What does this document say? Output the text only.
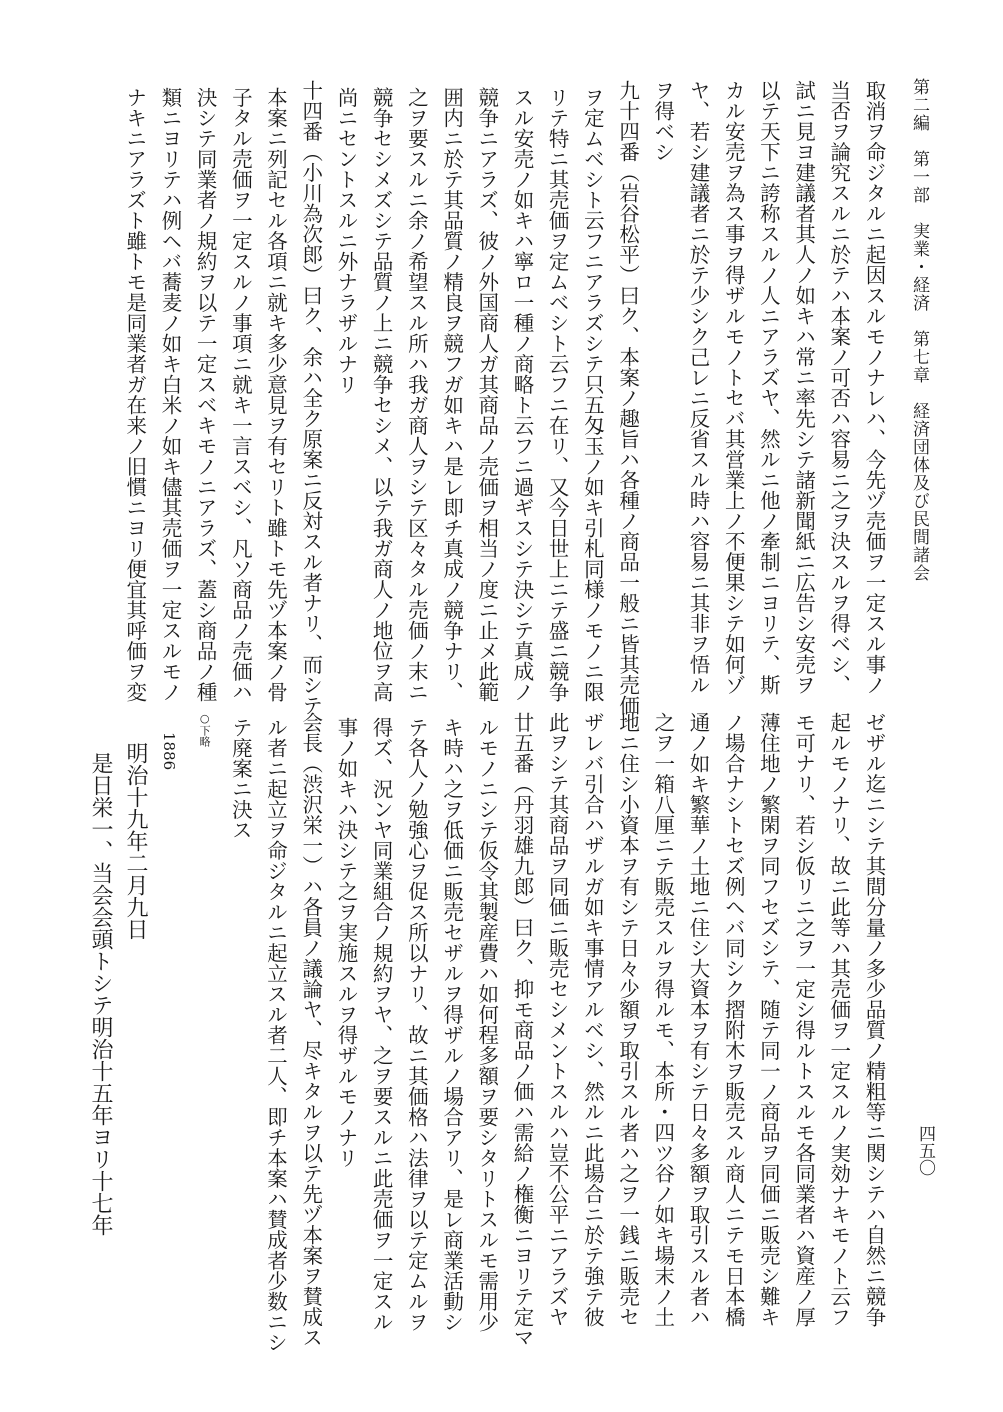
第二編　第一部　実業・経済　第七章　経済団体及び民間諸会
取消ヲ命ジタルニ起因スルモノナレハ、今先ヅ売価ヲ一定スル事ノ
当否ヲ論究スルニ於テハ本案ノ可否ハ容易ニ之ヲ決スルヲ得ベシ、
試ニ見ヨ建議者其人ノ如キハ常ニ率先シテ諸新聞紙ニ広告シ安売ヲ
以テ天下ニ誇称スルノ人ニアラズヤ、然ルニ他ノ牽制ニヨリテ、斯
カル安売ヲ為ス事ヲ得ザルモノトセバ其営業上ノ不便果シテ如何ゾ
ヤ、若シ建議者ニ於テ少シク己レニ反省スル時ハ容易ニ其非ヲ悟ル
ヲ得ベシ
九十四番（岩谷松平）曰ク、本案ノ趣旨ハ各種ノ商品一般ニ皆其売価
ヲ定ムベシト云フニアラズシテ只五匁玉ノ如キ引札同様ノモノニ限
リテ特ニ其売価ヲ定ムベシト云フニ在リ、又今日世上ニテ盛ニ競争
スル安売ノ如キハ寧ロ一種ノ商略ト云フニ過ギスシテ決シテ真成ノ
競争ニアラズ、彼ノ外国商人ガ其商品ノ売価ヲ相当ノ度ニ止メ此範
囲内ニ於テ其品質ノ精良ヲ競フガ如キハ是レ即チ真成ノ競争ナリ、
之ヲ要スルニ余ノ希望スル所ハ我ガ商人ヲシテ区々タル売価ノ末ニ
競争セシメズシテ品質ノ上ニ競争セシメ、以テ我ガ商人ノ地位ヲ高
尚ニセントスルニ外ナラザルナリ
十四番（小川為次郎）曰ク、余ハ全ク原案ニ反対スル者ナリ、而シテ
本案ニ列記セル各項ニ就キ多少意見ヲ有セリト雖トモ先ヅ本案ノ骨
子タル売価ヲ一定スルノ事項ニ就キ一言スベシ、凡ソ商品ノ売価ハ
決シテ同業者ノ規約ヲ以テ一定スベキモノニアラズ、蓋シ商品ノ種
類ニヨリテハ例ヘバ蕎麦ノ如キ白米ノ如キ儘其売価ヲ一定スルモノ
ナキニアラズト雖トモ是同業者ガ在来ノ旧慣ニヨリ便宜其呼価ヲ変
四五〇
ゼザル迄ニシテ其間分量ノ多少品質ノ精粗等ニ関シテハ自然ニ競争
起ルモノナリ、故ニ此等ハ其売価ヲ一定スルノ実効ナキモノト云フ
モ可ナリ、若シ仮リニ之ヲ一定シ得ルトスルモ各同業者ハ資産ノ厚
薄住地ノ繁閑ヲ同フセズシテ、随テ同一ノ商品ヲ同価ニ販売シ難キ
ノ場合ナシトセズ例ヘバ同シク摺附木ヲ販売スル商人ニテモ日本橋
通ノ如キ繁華ノ土地ニ住シ大資本ヲ有シテ日々多額ヲ取引スル者ハ
之ヲ一箱八厘ニテ販売スルヲ得ルモ、本所・四ツ谷ノ如キ場末ノ土
地ニ住シ小資本ヲ有シテ日々少額ヲ取引スル者ハ之ヲ一銭ニ販売セ
ザレバ引合ハザルガ如キ事情アルベシ、然ルニ此場合ニ於テ強テ彼
此ヲシテ其商品ヲ同価ニ販売セシメントスルハ豈不公平ニアラズヤ
廿五番（丹羽雄九郎）曰ク、抑モ商品ノ価ハ需給ノ権衡ニヨリテ定マ
ルモノニシテ仮令其製産費ハ如何程多額ヲ要シタリトスルモ需用少
キ時ハ之ヲ低価ニ販売セザルヲ得ザルノ場合アリ、是レ商業活動シ
テ各人ノ勉強心ヲ促ス所以ナリ、故ニ其価格ハ法律ヲ以テ定ムルヲ
得ズ、況ンヤ同業組合ノ規約ヲヤ、之ヲ要スルニ此売価ヲ一定スル
事ノ如キハ決シテ之ヲ実施スルヲ得ザルモノナリ
会長（渋沢栄一）ハ各員ノ議論ヤ、尽キタルヲ以テ先ヅ本案ヲ賛成ス
ル者ニ起立ヲ命ジタルニ起立スル者二人、即チ本案ハ賛成者少数ニシ
テ廃案ニ決ス
○下略
1886
明治十九年二月九日
是日栄一、当会会頭トシテ明治十五年ヨリ十七年
